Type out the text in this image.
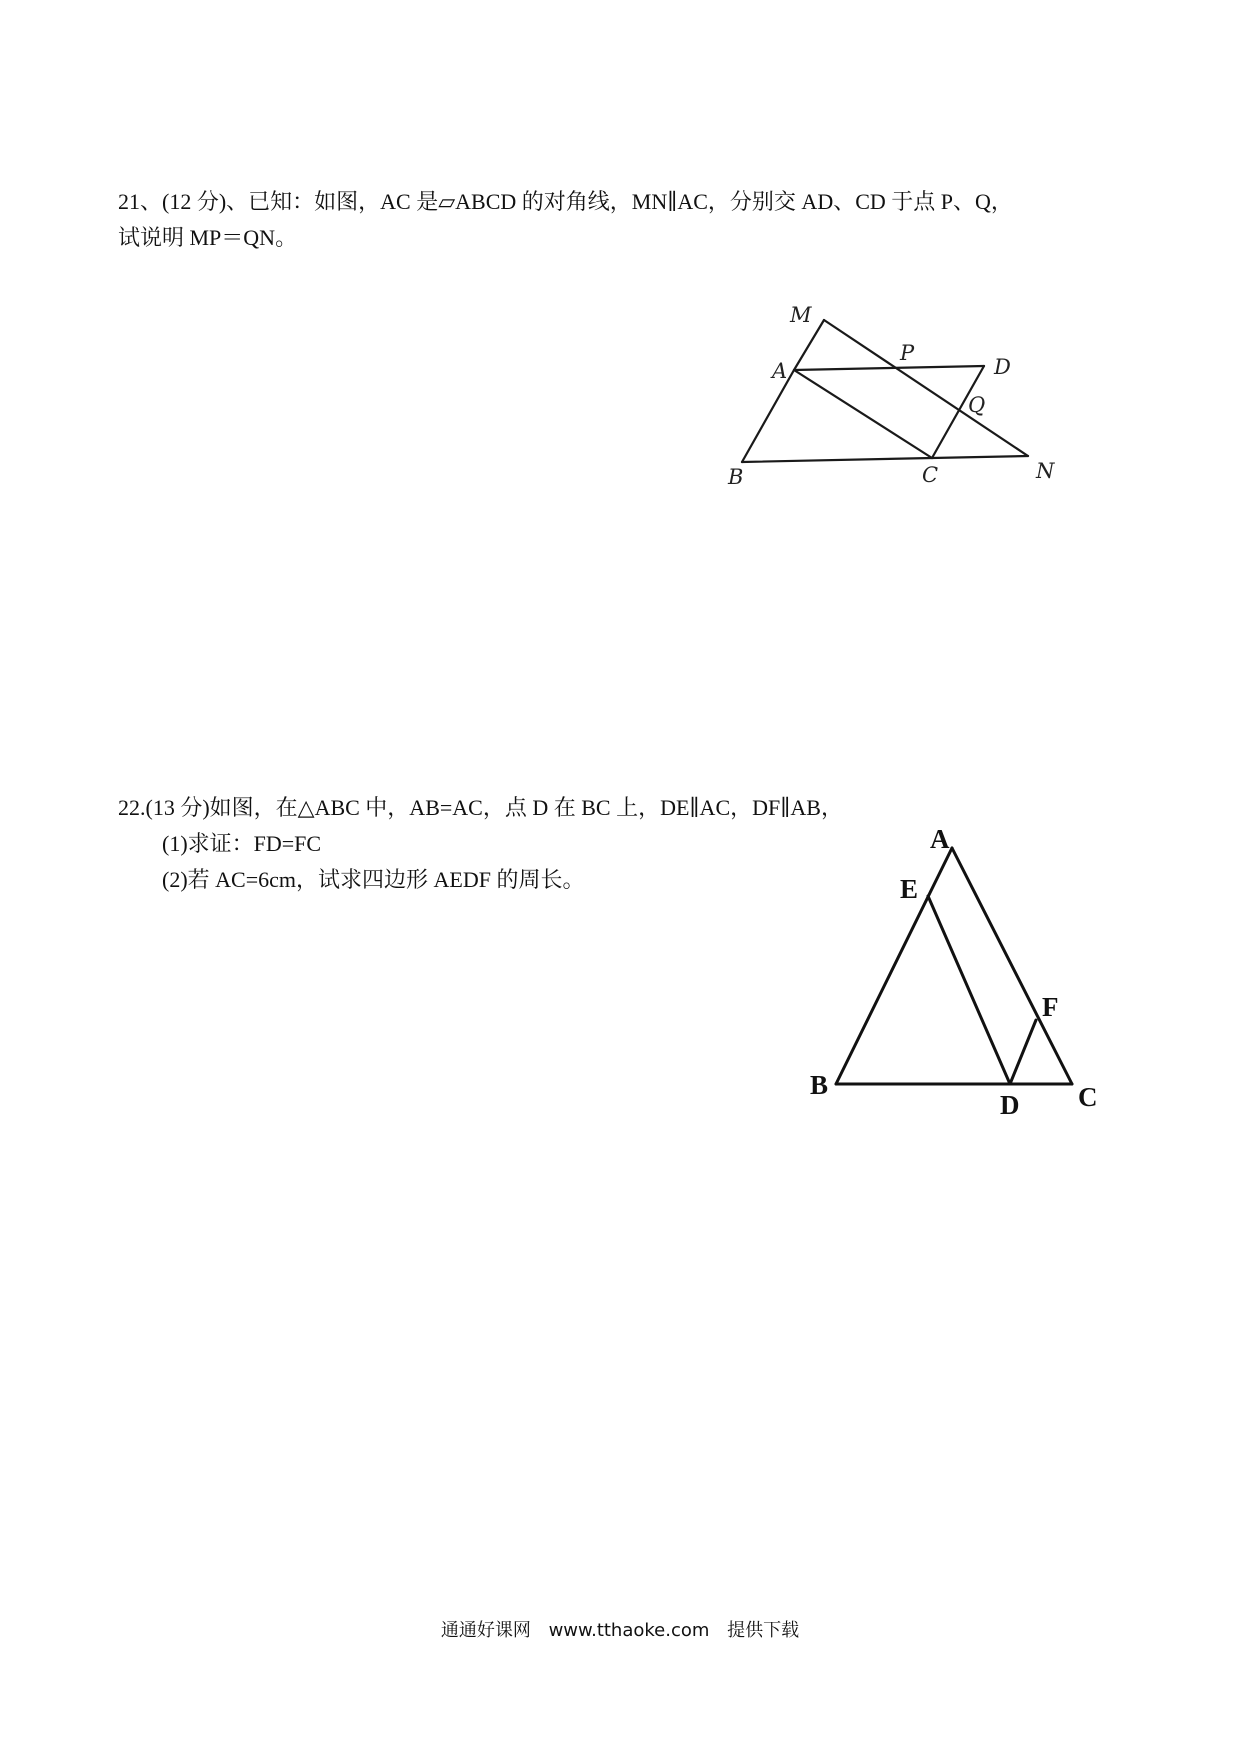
21、(12 分)、已知：如图，AC 是▱ABCD 的对角线，MN∥AC，分别交 AD、CD 于点 P、Q，
试说明 MP＝QN。
M
P
D
A
Q
B	C	N
22.(13 分)如图，在△ABC 中，AB=AC，点 D 在 BC 上，DE∥AC，DF∥AB，
(1)求证：FD=FC
(2)若 AC=6cm，试求四边形 AEDF 的周长。
A
E
F
B
D C
通通好课网 www.tthaoke.com 提供下载
